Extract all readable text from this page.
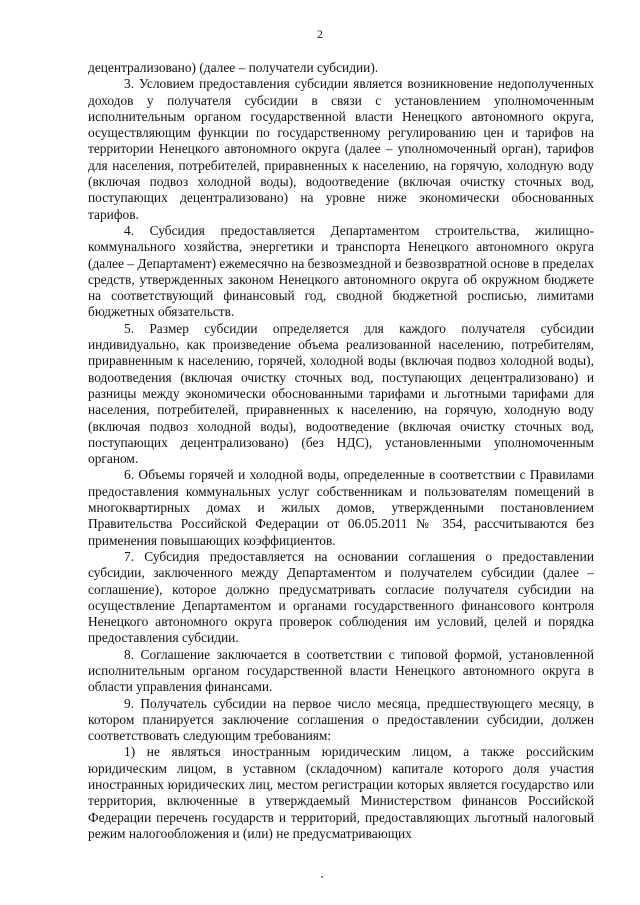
2

децентрализовано) (далее – получатели субсидии).

3. Условием предоставления субсидии является возникновение недополученных доходов у получателя субсидии в связи с установлением уполномоченным исполнительным органом государственной власти Ненецкого автономного округа, осуществляющим функции по государственному регулированию цен и тарифов на территории Ненецкого автономного округа (далее – уполномоченный орган), тарифов для населения, потребителей, приравненных к населению, на горячую, холодную воду (включая подвоз холодной воды), водоотведение (включая очистку сточных вод, поступающих децентрализовано) на уровне ниже экономически обоснованных тарифов.

4. Субсидия предоставляется Департаментом строительства, жилищно-коммунального хозяйства, энергетики и транспорта Ненецкого автономного округа (далее – Департамент) ежемесячно на безвозмездной и безвозвратной основе в пределах средств, утвержденных законом Ненецкого автономного округа об окружном бюджете на соответствующий финансовый год, сводной бюджетной росписью, лимитами бюджетных обязательств.

5. Размер субсидии определяется для каждого получателя субсидии индивидуально, как произведение объема реализованной населению, потребителям, приравненным к населению, горячей, холодной воды (включая подвоз холодной воды), водоотведения (включая очистку сточных вод, поступающих децентрализовано) и разницы между экономически обоснованными тарифами и льготными тарифами для населения, потребителей, приравненных к населению, на горячую, холодную воду (включая подвоз холодной воды), водоотведение (включая очистку сточных вод, поступающих децентрализовано) (без НДС), установленными уполномоченным органом.

6. Объемы горячей и холодной воды, определенные в соответствии с Правилами предоставления коммунальных услуг собственникам и пользователям помещений в многоквартирных домах и жилых домов, утвержденными постановлением Правительства Российской Федерации от 06.05.2011 № 354, рассчитываются без применения повышающих коэффициентов.

7. Субсидия предоставляется на основании соглашения о предоставлении субсидии, заключенного между Департаментом и получателем субсидии (далее – соглашение), которое должно предусматривать согласие получателя субсидии на осуществление Департаментом и органами государственного финансового контроля Ненецкого автономного округа проверок соблюдения им условий, целей и порядка предоставления субсидии.

8. Соглашение заключается в соответствии с типовой формой, установленной исполнительным органом государственной власти Ненецкого автономного округа в области управления финансами.

9. Получатель субсидии на первое число месяца, предшествующего месяцу, в котором планируется заключение соглашения о предоставлении субсидии, должен соответствовать следующим требованиям:

1) не являться иностранным юридическим лицом, а также российским юридическим лицом, в уставном (складочном) капитале которого доля участия иностранных юридических лиц, местом регистрации которых является государство или территория, включенные в утверждаемый Министерством финансов Российской Федерации перечень государств и территорий, предоставляющих льготный налоговый режим налогообложения и (или) не предусматривающих
